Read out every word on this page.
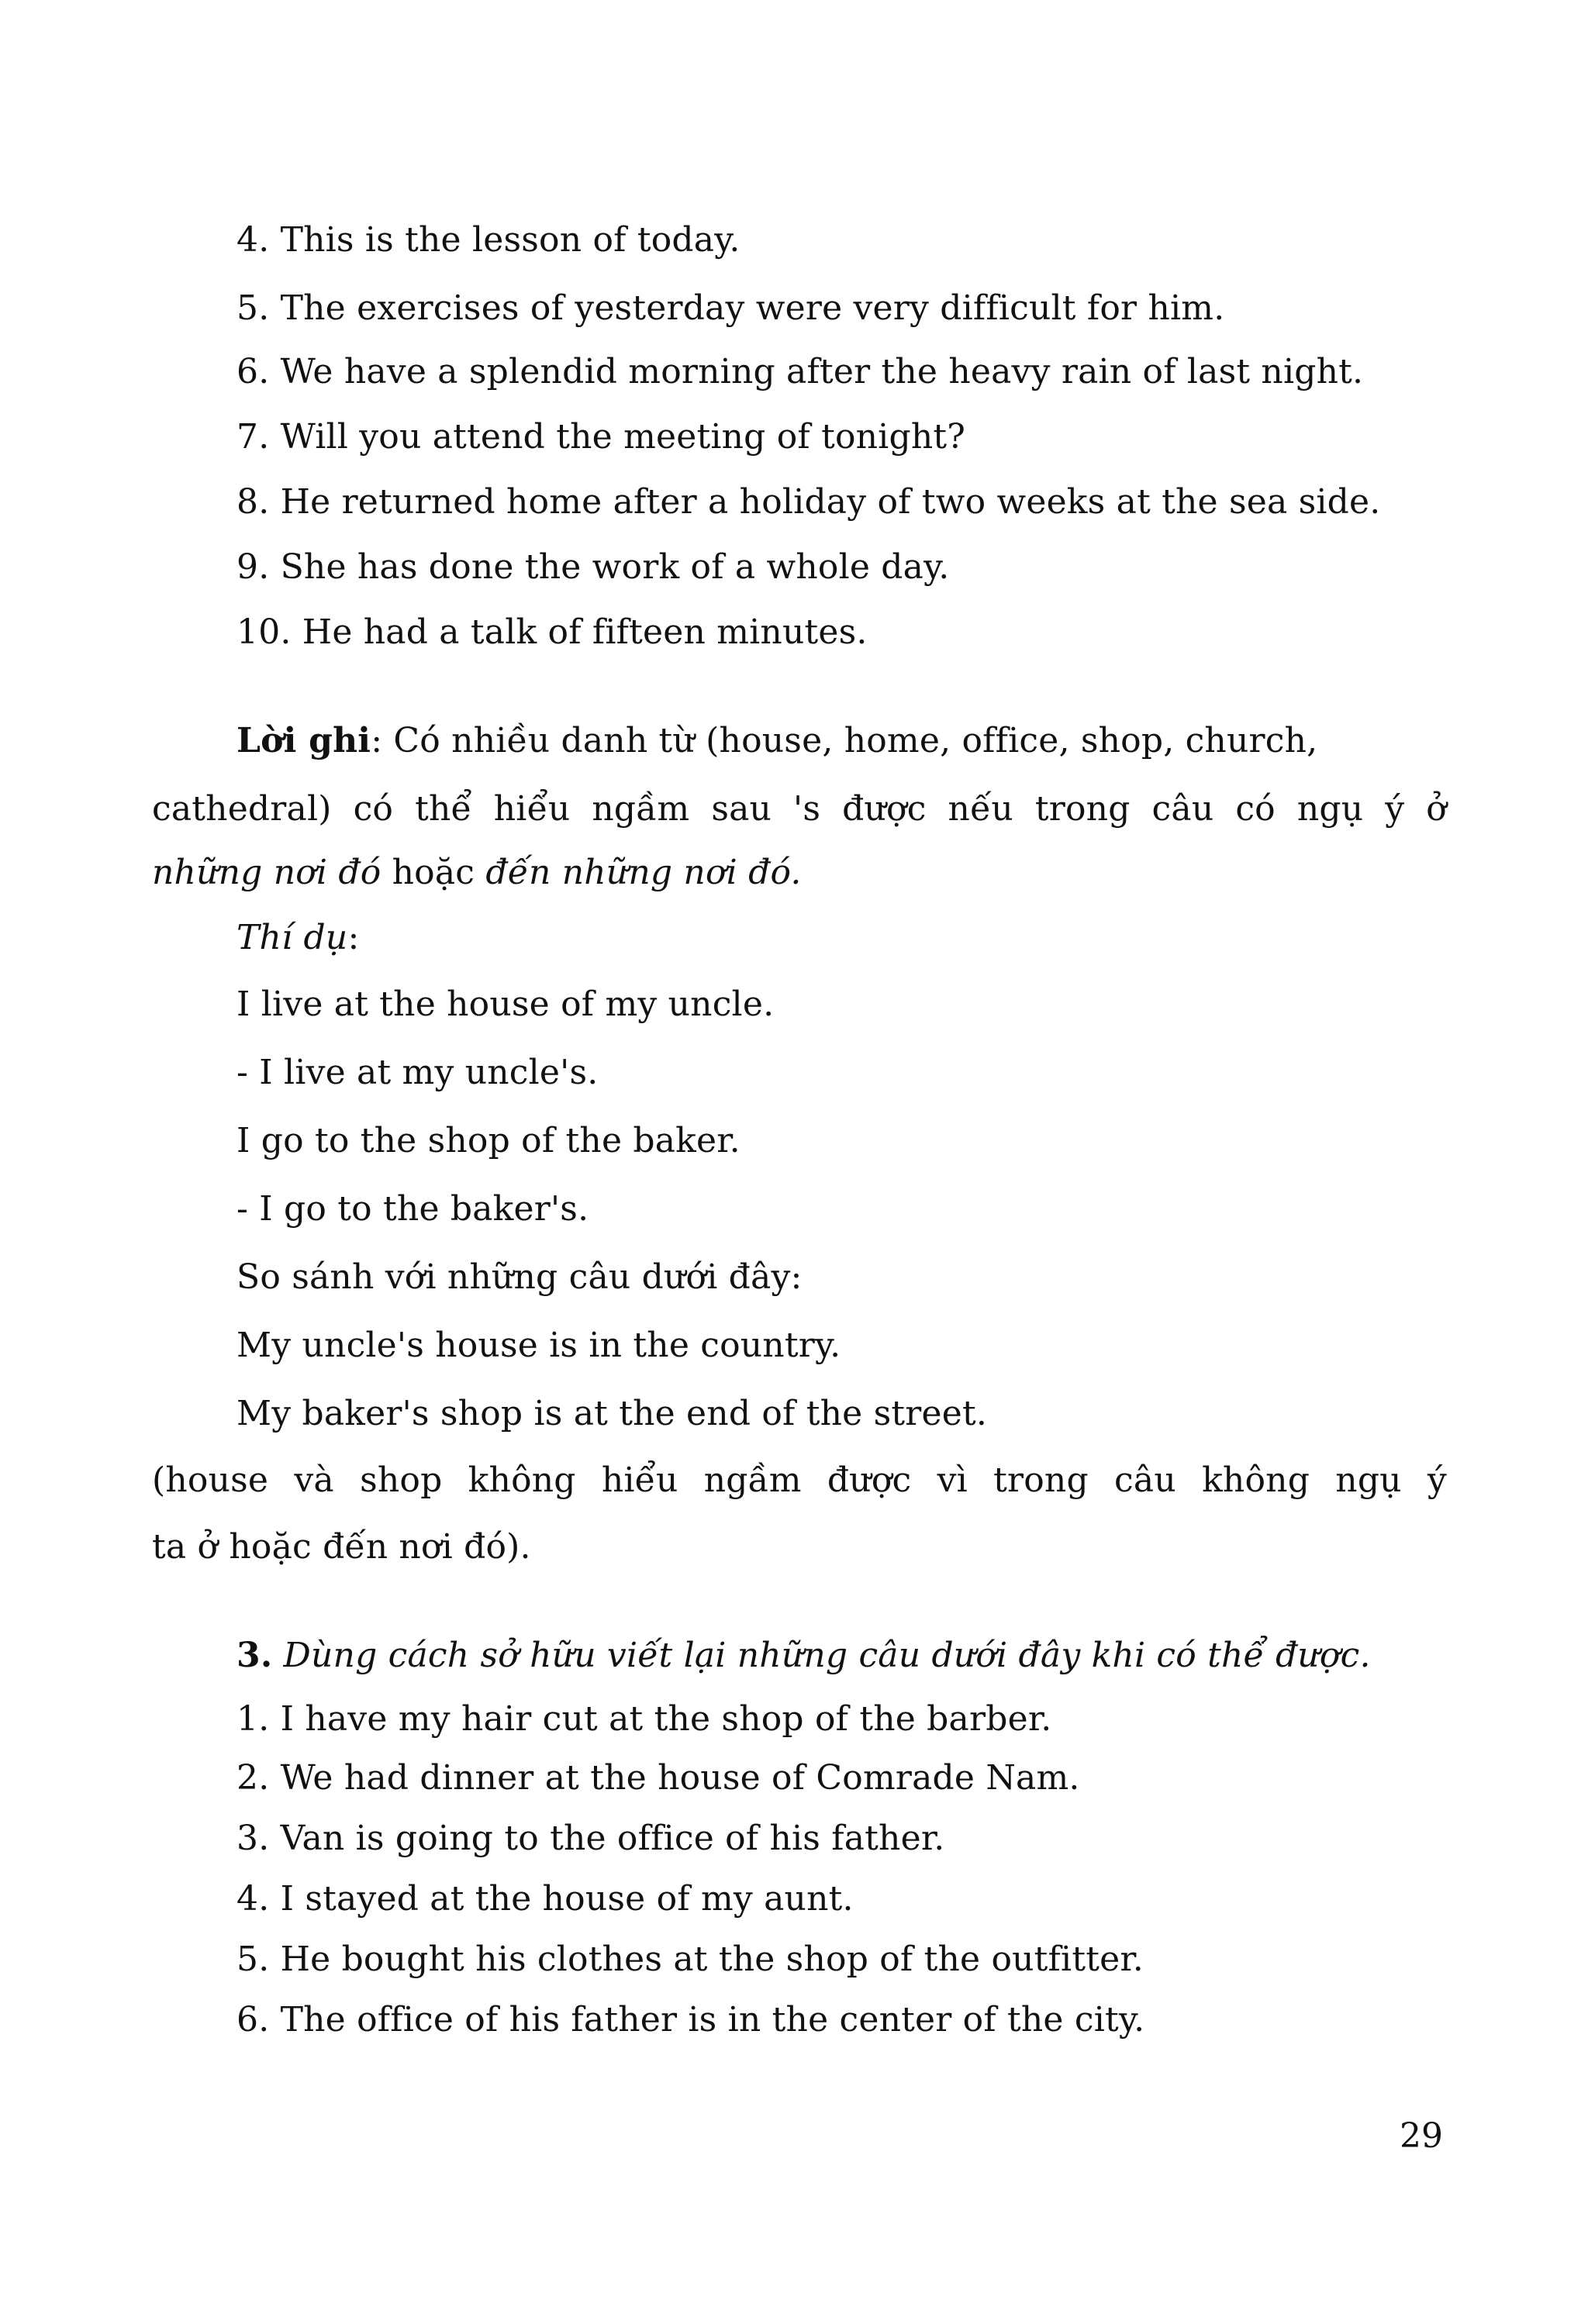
4. This is the lesson of today.
5. The exercises of yesterday were very difficult for him.
6. We have a splendid morning after the heavy rain of last night.
7. Will you attend the meeting of tonight?
8. He returned home after a holiday of two weeks at the sea side.
9. She has done the work of a whole day.
10. He had a talk of fifteen minutes.
Lời ghi: Có nhiều danh từ (house, home, office, shop, church,
cathedral) có thể hiểu ngầm sau 's được nếu trong câu có ngụ ý ở
những nơi đó hoặc đến những nơi đó.
Thí dụ:
I live at the house of my uncle.
- I live at my uncle's.
I go to the shop of the baker.
- I go to the baker's.
So sánh với những câu dưới đây:
My uncle's house is in the country.
My baker's shop is at the end of the street.
(house và shop không hiểu ngầm được vì trong câu không ngụ ý
ta ở hoặc đến nơi đó).
3. Dùng cách sở hữu viết lại những câu dưới đây khi có thể được.
1. I have my hair cut at the shop of the barber.
2. We had dinner at the house of Comrade Nam.
3. Van is going to the office of his father.
4. I stayed at the house of my aunt.
5. He bought his clothes at the shop of the outfitter.
6. The office of his father is in the center of the city.
29
